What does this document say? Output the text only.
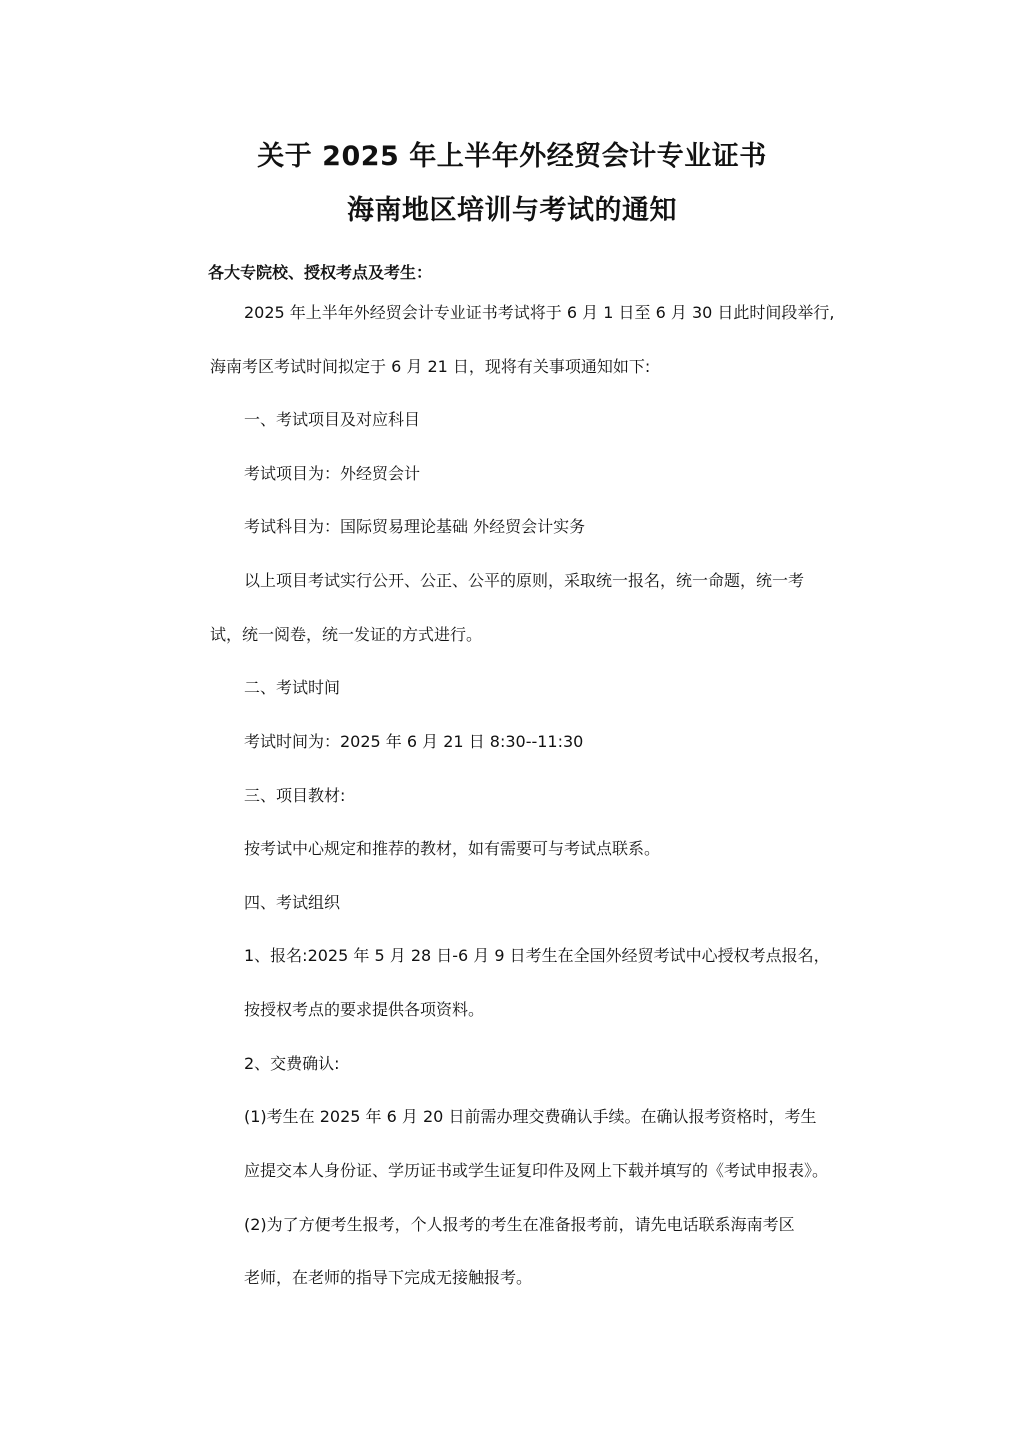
关于 2025 年上半年外经贸会计专业证书
海南地区培训与考试的通知
各大专院校、授权考点及考生：
2025 年上半年外经贸会计专业证书考试将于 6 月 1 日至 6 月 30 日此时间段举行,
海南考区考试时间拟定于 6 月 21 日，现将有关事项通知如下:
一、考试项目及对应科目
考试项目为：外经贸会计
考试科目为：国际贸易理论基础 外经贸会计实务
以上项目考试实行公开、公正、公平的原则，采取统一报名，统一命题，统一考
试，统一阅卷，统一发证的方式进行。
二、考试时间
考试时间为：2025 年 6 月 21 日 8:30--11:30
三、项目教材:
按考试中心规定和推荐的教材，如有需要可与考试点联系。
四、考试组织
1、报名:2025 年 5 月 28 日-6 月 9 日考生在全国外经贸考试中心授权考点报名，
按授权考点的要求提供各项资料。
2、交费确认:
(1)考生在 2025 年 6 月 20 日前需办理交费确认手续。在确认报考资格时，考生
应提交本人身份证、学历证书或学生证复印件及网上下载并填写的《考试申报表》。
(2)为了方便考生报考，个人报考的考生在准备报考前，请先电话联系海南考区
老师，在老师的指导下完成无接触报考。
